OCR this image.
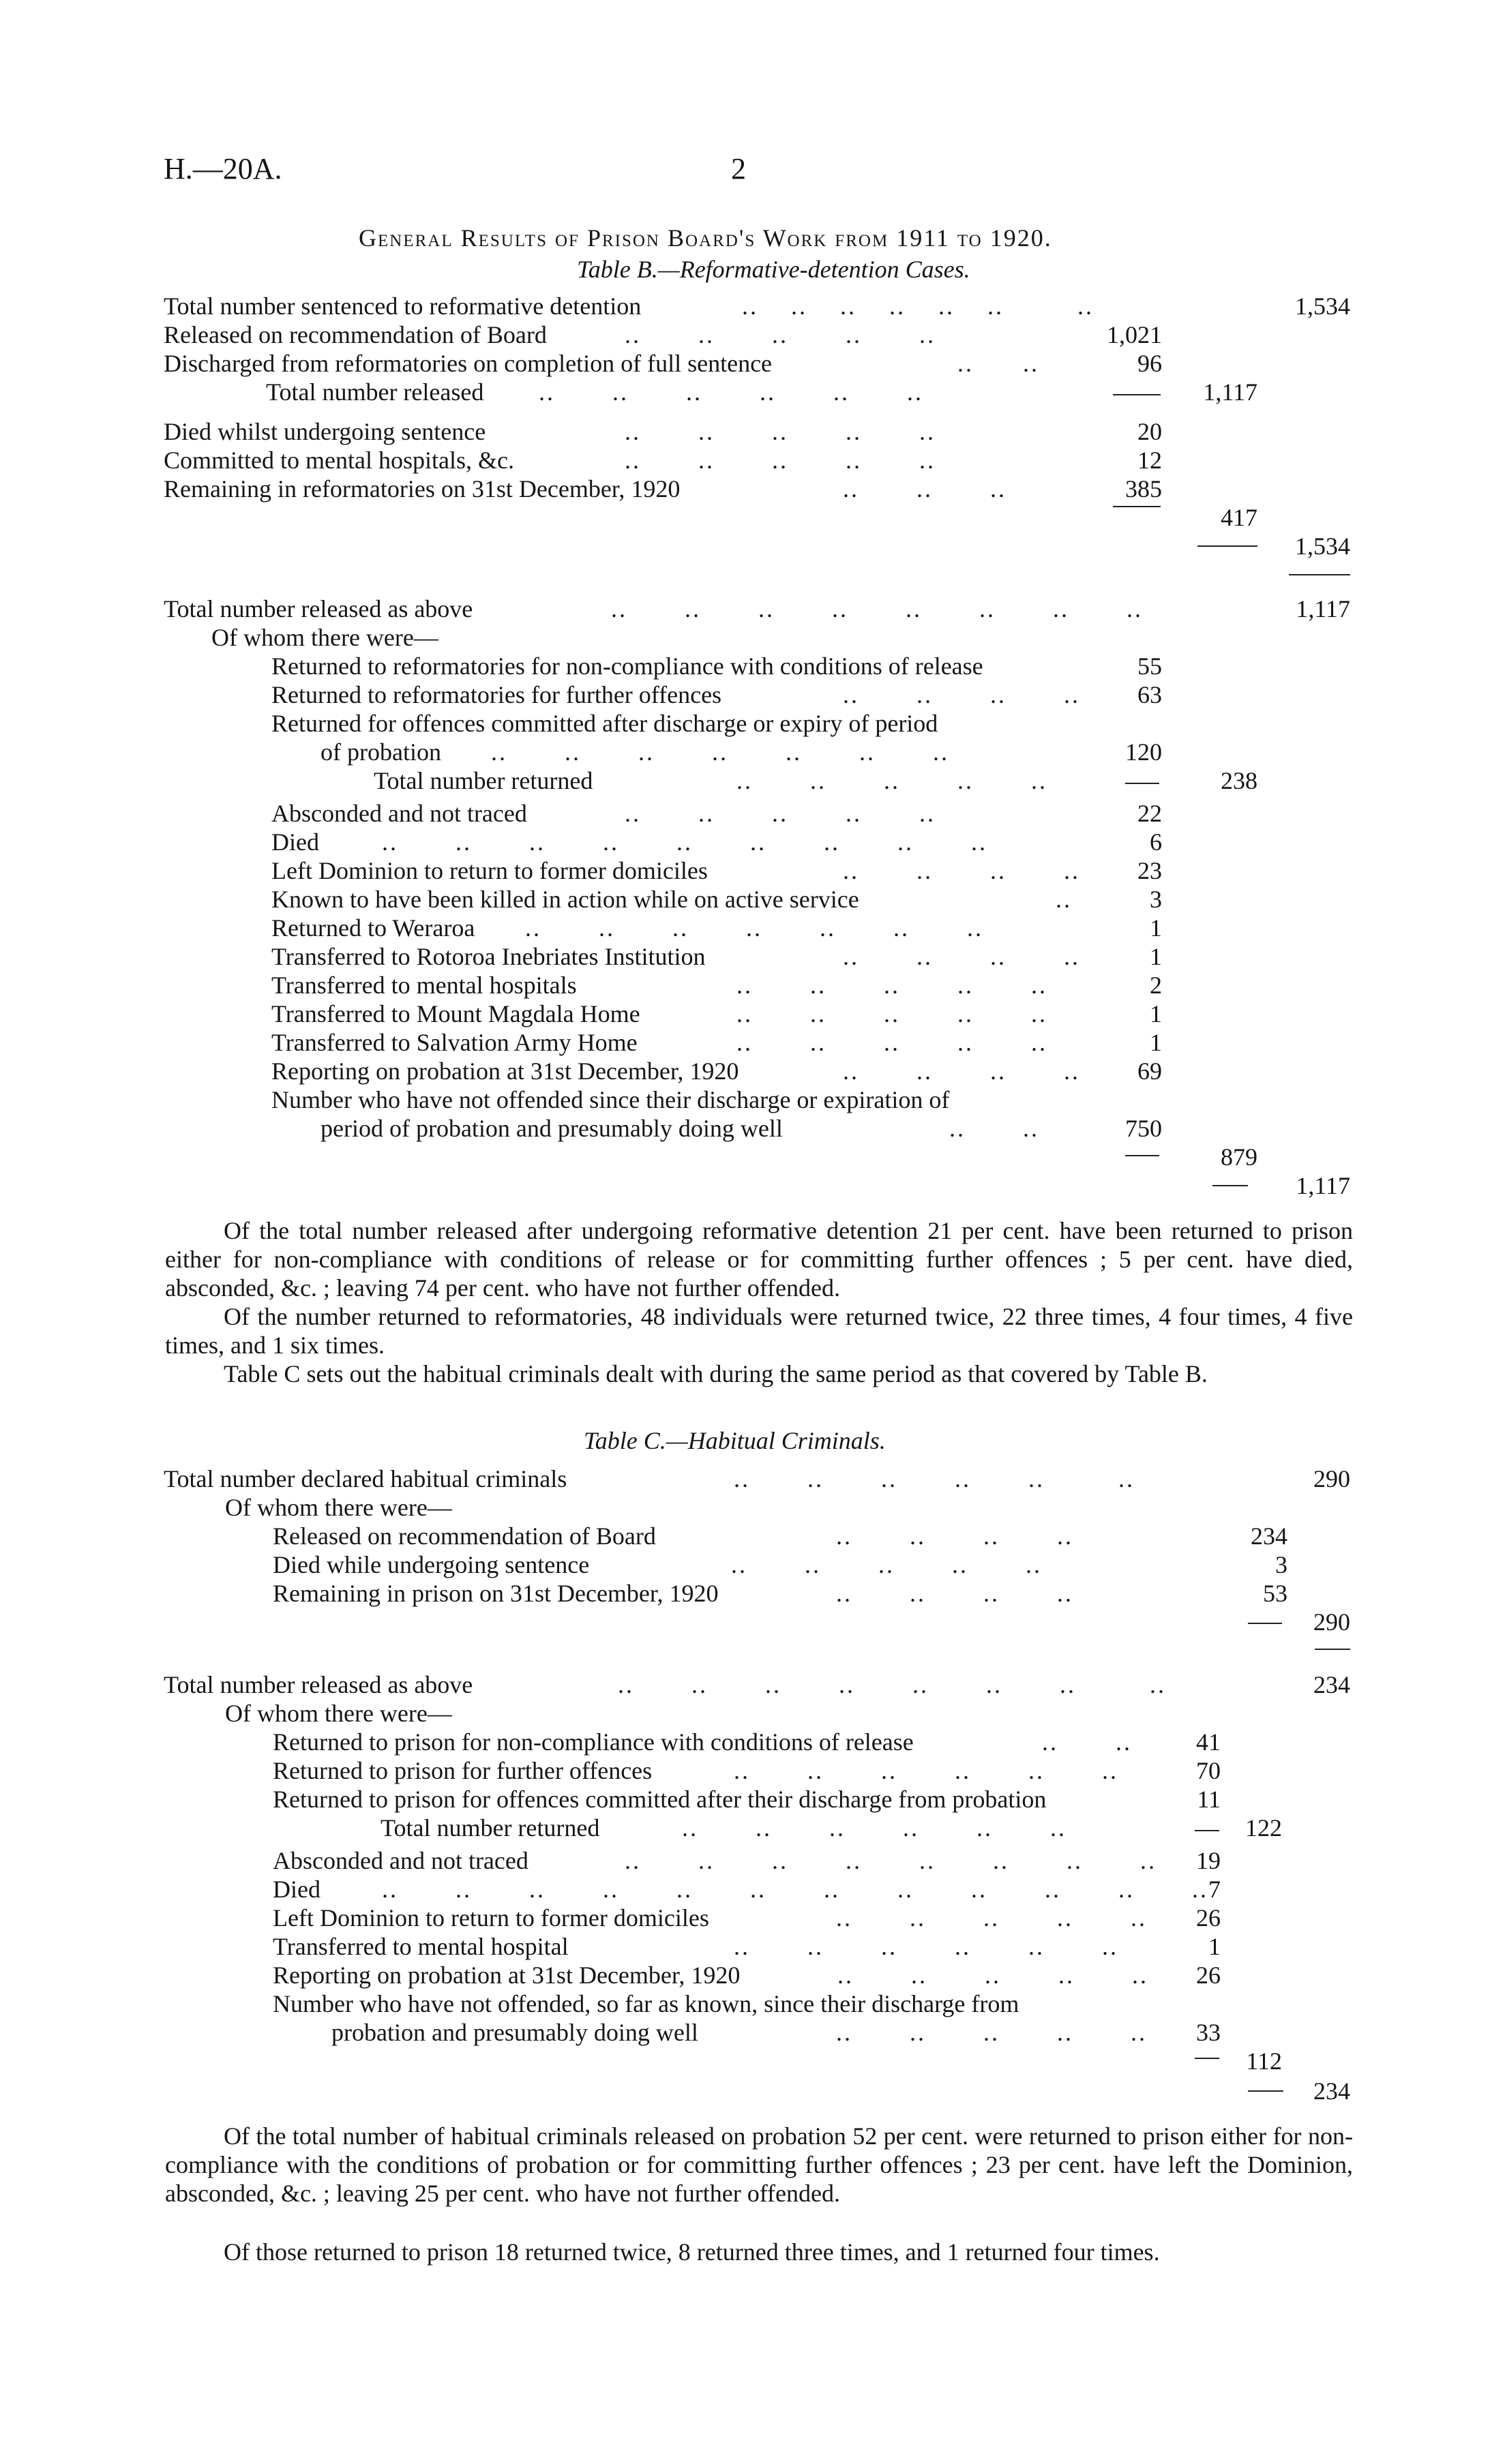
H.—20A.	2
General Results of Prison Board's Work from 1911 to 1920.
Table B.—Reformative-detention Cases.
Total number sentenced to reformative detention	..    ..    ..    ..    ..    ..         ..	1,534
Released on recommendation of Board	..       ..       ..       ..       ..	1,021
Discharged from reformatories on completion of full sentence	..      ..	96
Total number released ..       ..       ..       ..       ..       ..	1,117
Died whilst undergoing sentence	..       ..       ..       ..       ..	20
Committed to mental hospitals, &c.	..       ..       ..       ..       ..	12
Remaining in reformatories on 31st December, 1920	..       ..       ..	385
417
1,534
Total number released as above	..       ..       ..       ..       ..       ..       ..       ..	1,117
Of whom there were—
Returned to reformatories for non-compliance with conditions of release	55
Returned to reformatories for further offences	..       ..       ..       ..	63
Returned for offences committed after discharge or expiry of period
of probation ..       ..       ..       ..       ..       ..       ..	120
Total number returned	..       ..       ..       ..       ..	238
Absconded and not traced	..       ..       ..       ..       ..	22
Died	..       ..       ..       ..       ..       ..       ..       ..       ..	6
Left Dominion to return to former domiciles	..       ..       ..       ..	23
Known to have been killed in action while on active service	..	3
Returned to Weraroa ..       ..       ..       ..       ..       ..       ..	1
Transferred to Rotoroa Inebriates Institution	..       ..       ..       ..	1
Transferred to mental hospitals	..       ..       ..       ..       ..	2
Transferred to Mount Magdala Home	..       ..       ..       ..       ..	1
Transferred to Salvation Army Home	..       ..       ..       ..       ..	1
Reporting on probation at 31st December, 1920	..       ..       ..       ..	69
Number who have not offended since their discharge or expiration of
period of probation and presumably doing well	..       ..	750
879
1,117
Of the total number released after undergoing reformative detention 21 per cent. have been returned to prison either for non-compliance with conditions of release or for committing further offences ; 5 per cent. have died, absconded, &c. ; leaving 74 per cent. who have not further offended.
Of the number returned to reformatories, 48 individuals were returned twice, 22 three times, 4 four times, 4 five times, and 1 six times.
Table C sets out the habitual criminals dealt with during the same period as that covered by Table B.
Table C.—Habitual Criminals.
Total number declared habitual criminals	..       ..       ..       ..       ..         ..	290
Of whom there were—
Released on recommendation of Board	..       ..       ..       ..	234
Died while undergoing sentence	..       ..       ..       ..       ..	3
Remaining in prison on 31st December, 1920	..       ..       ..       ..	53
290
Total number released as above	..       ..       ..       ..       ..       ..       ..         ..	234
Of whom there were—
Returned to prison for non-compliance with conditions of release	..       ..	41
Returned to prison for further offences	..       ..       ..       ..       ..       ..	70
Returned to prison for offences committed after their discharge from probation	11
Total number returned	..       ..       ..       ..       ..       ..	122
Absconded and not traced	..       ..       ..       ..       ..       ..       ..       ..	19
Died	..       ..       ..       ..       ..       ..       ..       ..       ..       ..       ..       .. 7
Left Dominion to return to former domiciles	..       ..       ..       ..       ..	26
Transferred to mental hospital	..       ..       ..       ..       ..       ..	1
Reporting on probation at 31st December, 1920	..       ..       ..       ..       ..	26
Number who have not offended, so far as known, since their discharge from
probation and presumably doing well	..       ..       ..       ..       ..	33
112
234
Of the total number of habitual criminals released on probation 52 per cent. were returned to prison either for non-compliance with the conditions of probation or for committing further offences ; 23 per cent. have left the Dominion, absconded, &c. ; leaving 25 per cent. who have not further offended.
Of those returned to prison 18 returned twice, 8 returned three times, and 1 returned four times.
